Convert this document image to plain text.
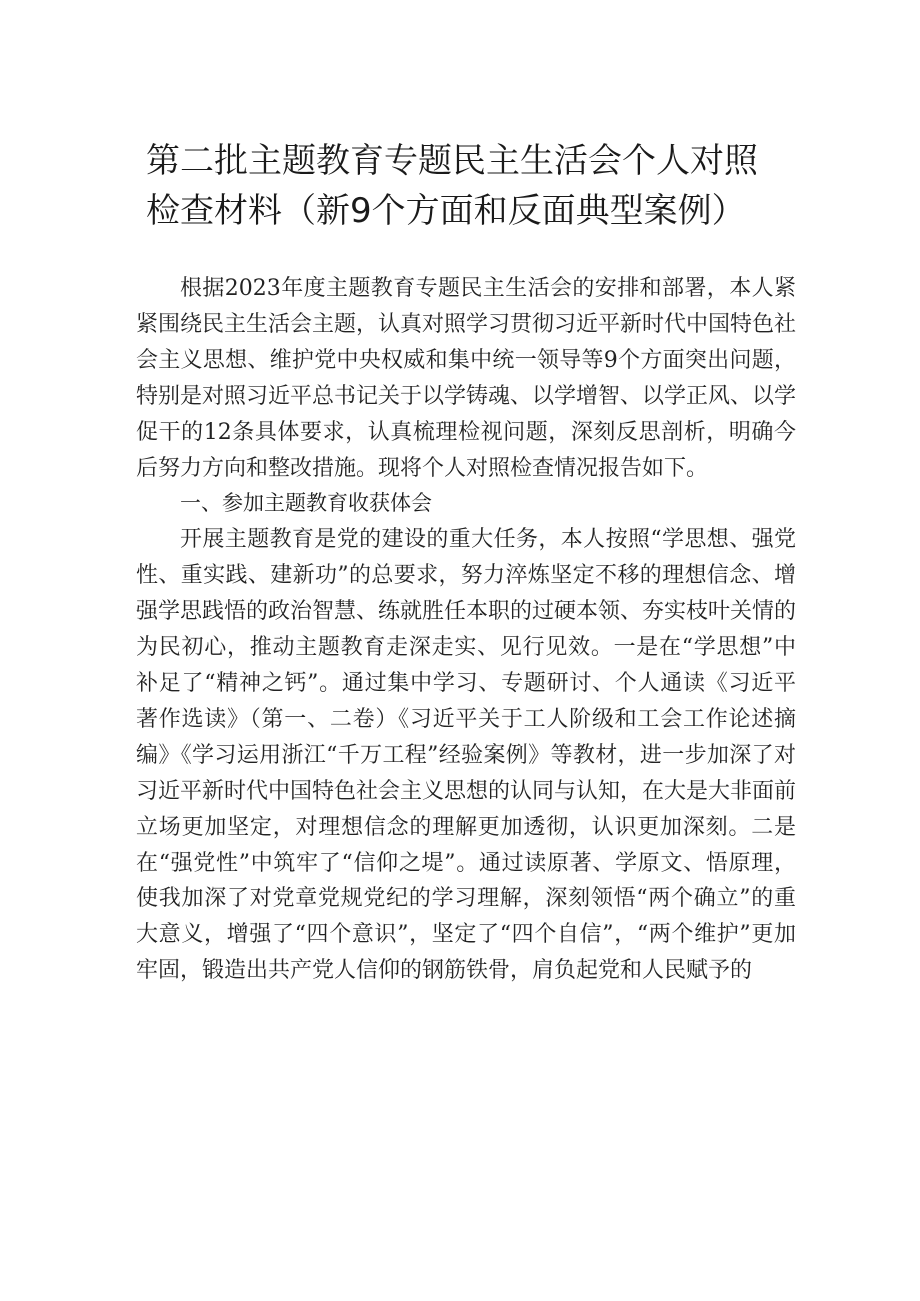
第二批主题教育专题民主生活会个人对照
检查材料（新9个方面和反面典型案例）

根据2023年度主题教育专题民主生活会的安排和部署，本人紧紧围绕民主生活会主题，认真对照学习贯彻习近平新时代中国特色社会主义思想、维护党中央权威和集中统一领导等9个方面突出问题，特别是对照习近平总书记关于以学铸魂、以学增智、以学正风、以学促干的12条具体要求，认真梳理检视问题，深刻反思剖析，明确今后努力方向和整改措施。现将个人对照检查情况报告如下。

一、参加主题教育收获体会

开展主题教育是党的建设的重大任务，本人按照“学思想、强党性、重实践、建新功”的总要求，努力淬炼坚定不移的理想信念、增强学思践悟的政治智慧、练就胜任本职的过硬本领、夯实枝叶关情的为民初心，推动主题教育走深走实、见行见效。一是在“学思想”中补足了“精神之钙”。通过集中学习、专题研讨、个人通读《习近平著作选读》（第一、二卷）《习近平关于工人阶级和工会工作论述摘编》《学习运用浙江“千万工程”经验案例》等教材，进一步加深了对习近平新时代中国特色社会主义思想的认同与认知，在大是大非面前立场更加坚定，对理想信念的理解更加透彻，认识更加深刻。二是在“强党性”中筑牢了“信仰之堤”。通过读原著、学原文、悟原理，使我加深了对党章党规党纪的学习理解，深刻领悟“两个确立”的重大意义，增强了“四个意识”，坚定了“四个自信”，“两个维护”更加牢固，锻造出共产党人信仰的钢筋铁骨，肩负起党和人民赋予的
